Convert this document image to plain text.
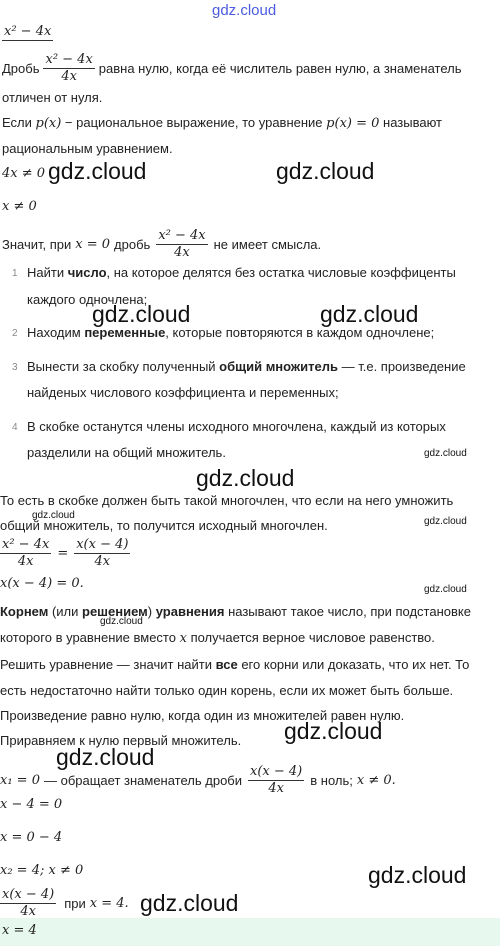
gdz.cloud
x² − 4x
Дробь $\frac{\text{x² − 4x}}{4x}$ равна нулю, когда её числитель равен нулю, а знаменатель
отличен от нуля.
Если p(x) − рациональное выражение, то уравнение p(x) = 0 называют
рациональным уравнением.
4x ≠ 0 gdz.cloud	gdz.cloud
x ≠ 0
Значит, при x = 0 дробь $\frac{\text{x² − 4x}}{4x}$ не имеет смысла.
1 Найти число, на которое делятся без остатка числовые коэффиценты
каждого одночлена;
gdz.cloud	gdz.cloud
2 Находим переменные, которые повторяются в каждом одночлене;
3 Вынести за скобку полученный общий множитель — т.е. произведение
найденых числового коэффициента и переменных;
4 В скобке останутся члены исходного многочлена, каждый из которых
разделили на общий множитель.	gdz.cloud
gdz.cloud
То есть в скобке должен быть такой многочлен, что если на него умножить
gdz.cloud
общий множитель, то получится исходный многочлен.	gdz.cloud
$\frac{\text{x² − 4x}}{4x} = \frac{x(x - 4)}{4x}$
x(x − 4) = 0.	gdz.cloud
Корнем (или решением) уравнения называют такое число, при подстановке
gdz.cloud
которого в уравнение вместо x получается верное числовое равенство.
Решить уравнение — значит найти все его корни или доказать, что их нет. То
есть недостаточно найти только один корень, если их может быть больше.
Произведение равно нулю, когда один из множителей равен нулю.
gdz.cloud
Приравняем к нулю первый множитель.
gdz.cloud
x₁ = 0 — обращает знаменатель дроби $\frac{x(x - 4)}{4x}$ в ноль; x ≠ 0.
x − 4 = 0
x = 0 − 4
x₂ = 4; x ≠ 0	gdz.cloud
$\frac{x(x - 4)}{4x}$ при x = 4. gdz.cloud
x = 4
